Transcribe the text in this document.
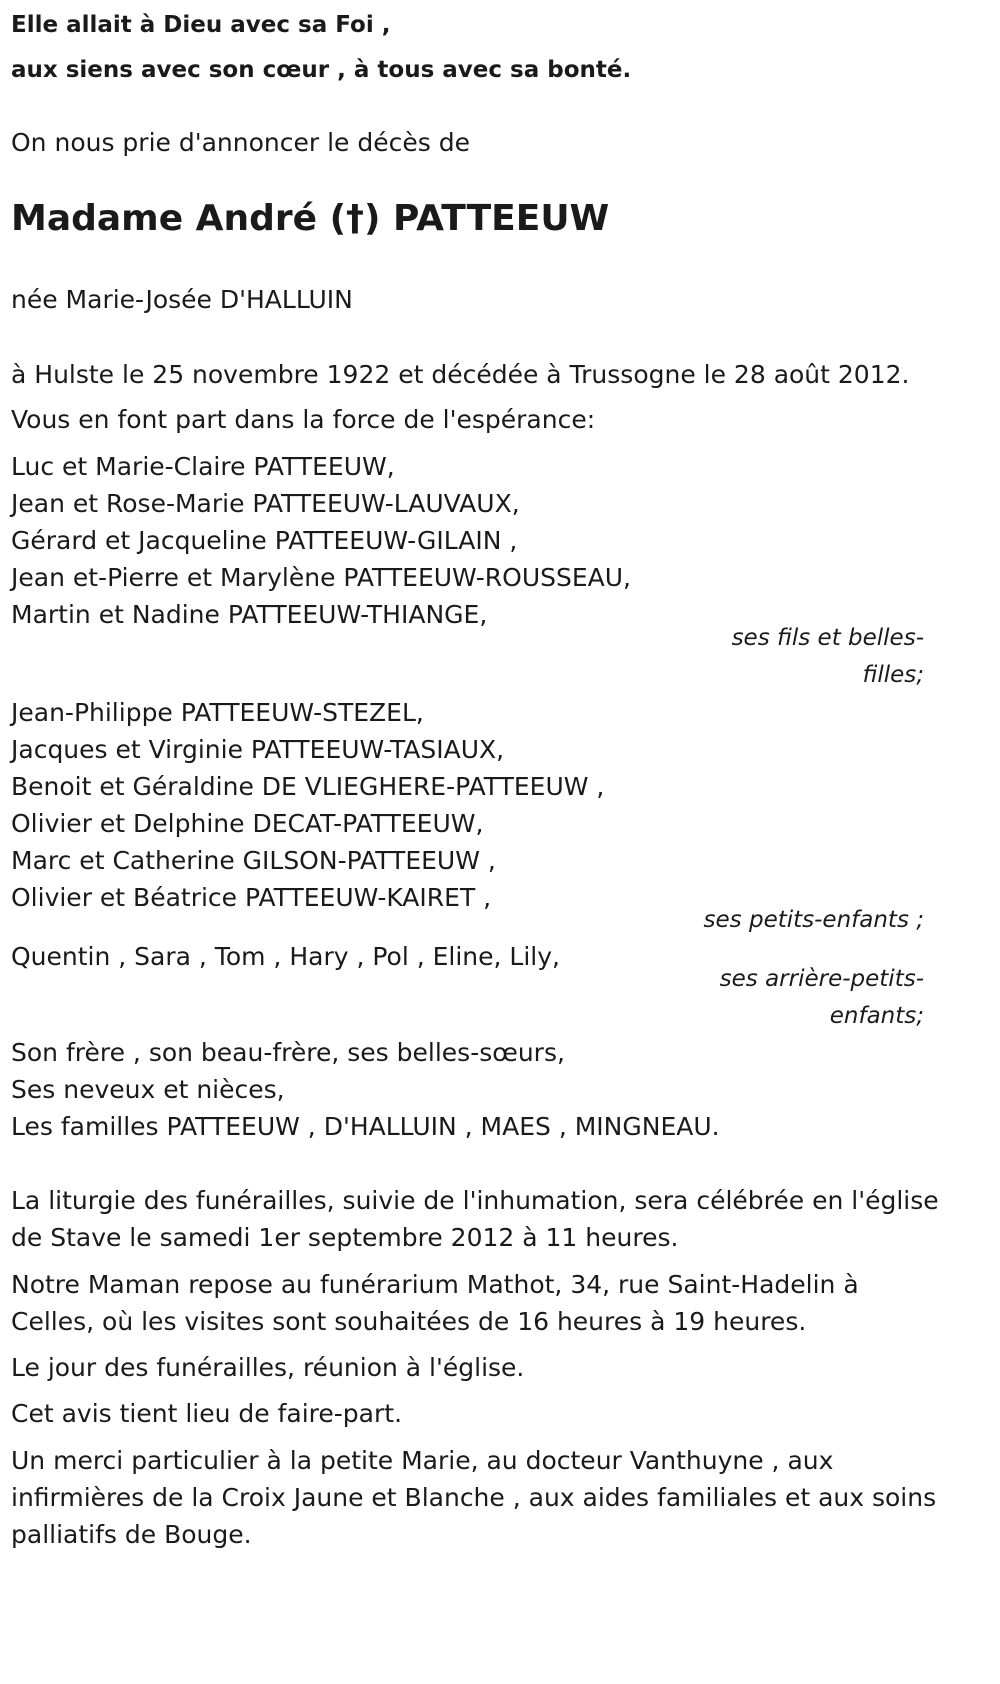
Elle allait à Dieu avec sa Foi ,
aux siens avec son cœur , à tous avec sa bonté.
On nous prie d'annoncer le décès de
Madame André (†) PATTEEUW
née Marie-Josée D'HALLUIN
à Hulste le 25 novembre 1922 et décédée à Trussogne le 28 août 2012.
Vous en font part dans la force de l'espérance:
Luc et Marie-Claire PATTEEUW,
Jean et Rose-Marie PATTEEUW-LAUVAUX,
Gérard et Jacqueline PATTEEUW-GILAIN ,
Jean et-Pierre et Marylène PATTEEUW-ROUSSEAU,
Martin et Nadine PATTEEUW-THIANGE,
ses fils et belles-
filles;
Jean-Philippe PATTEEUW-STEZEL,
Jacques et Virginie PATTEEUW-TASIAUX,
Benoit et Géraldine DE VLIEGHERE-PATTEEUW ,
Olivier et Delphine DECAT-PATTEEUW,
Marc et Catherine GILSON-PATTEEUW ,
Olivier et Béatrice PATTEEUW-KAIRET ,
ses petits-enfants ;
Quentin , Sara , Tom , Hary , Pol , Eline, Lily,
ses arrière-petits-
enfants;
Son frère , son beau-frère, ses belles-sœurs,
Ses neveux et nièces,
Les familles PATTEEUW , D'HALLUIN , MAES , MINGNEAU.
La liturgie des funérailles, suivie de l'inhumation, sera célébrée en l'église
de Stave le samedi 1er septembre 2012 à 11 heures.
Notre Maman repose au funérarium Mathot, 34, rue Saint-Hadelin à
Celles, où les visites sont souhaitées de 16 heures à 19 heures.
Le jour des funérailles, réunion à l'église.
Cet avis tient lieu de faire-part.
Un merci particulier à la petite Marie, au docteur Vanthuyne , aux
infirmières de la Croix Jaune et Blanche , aux aides familiales et aux soins
palliatifs de Bouge.
